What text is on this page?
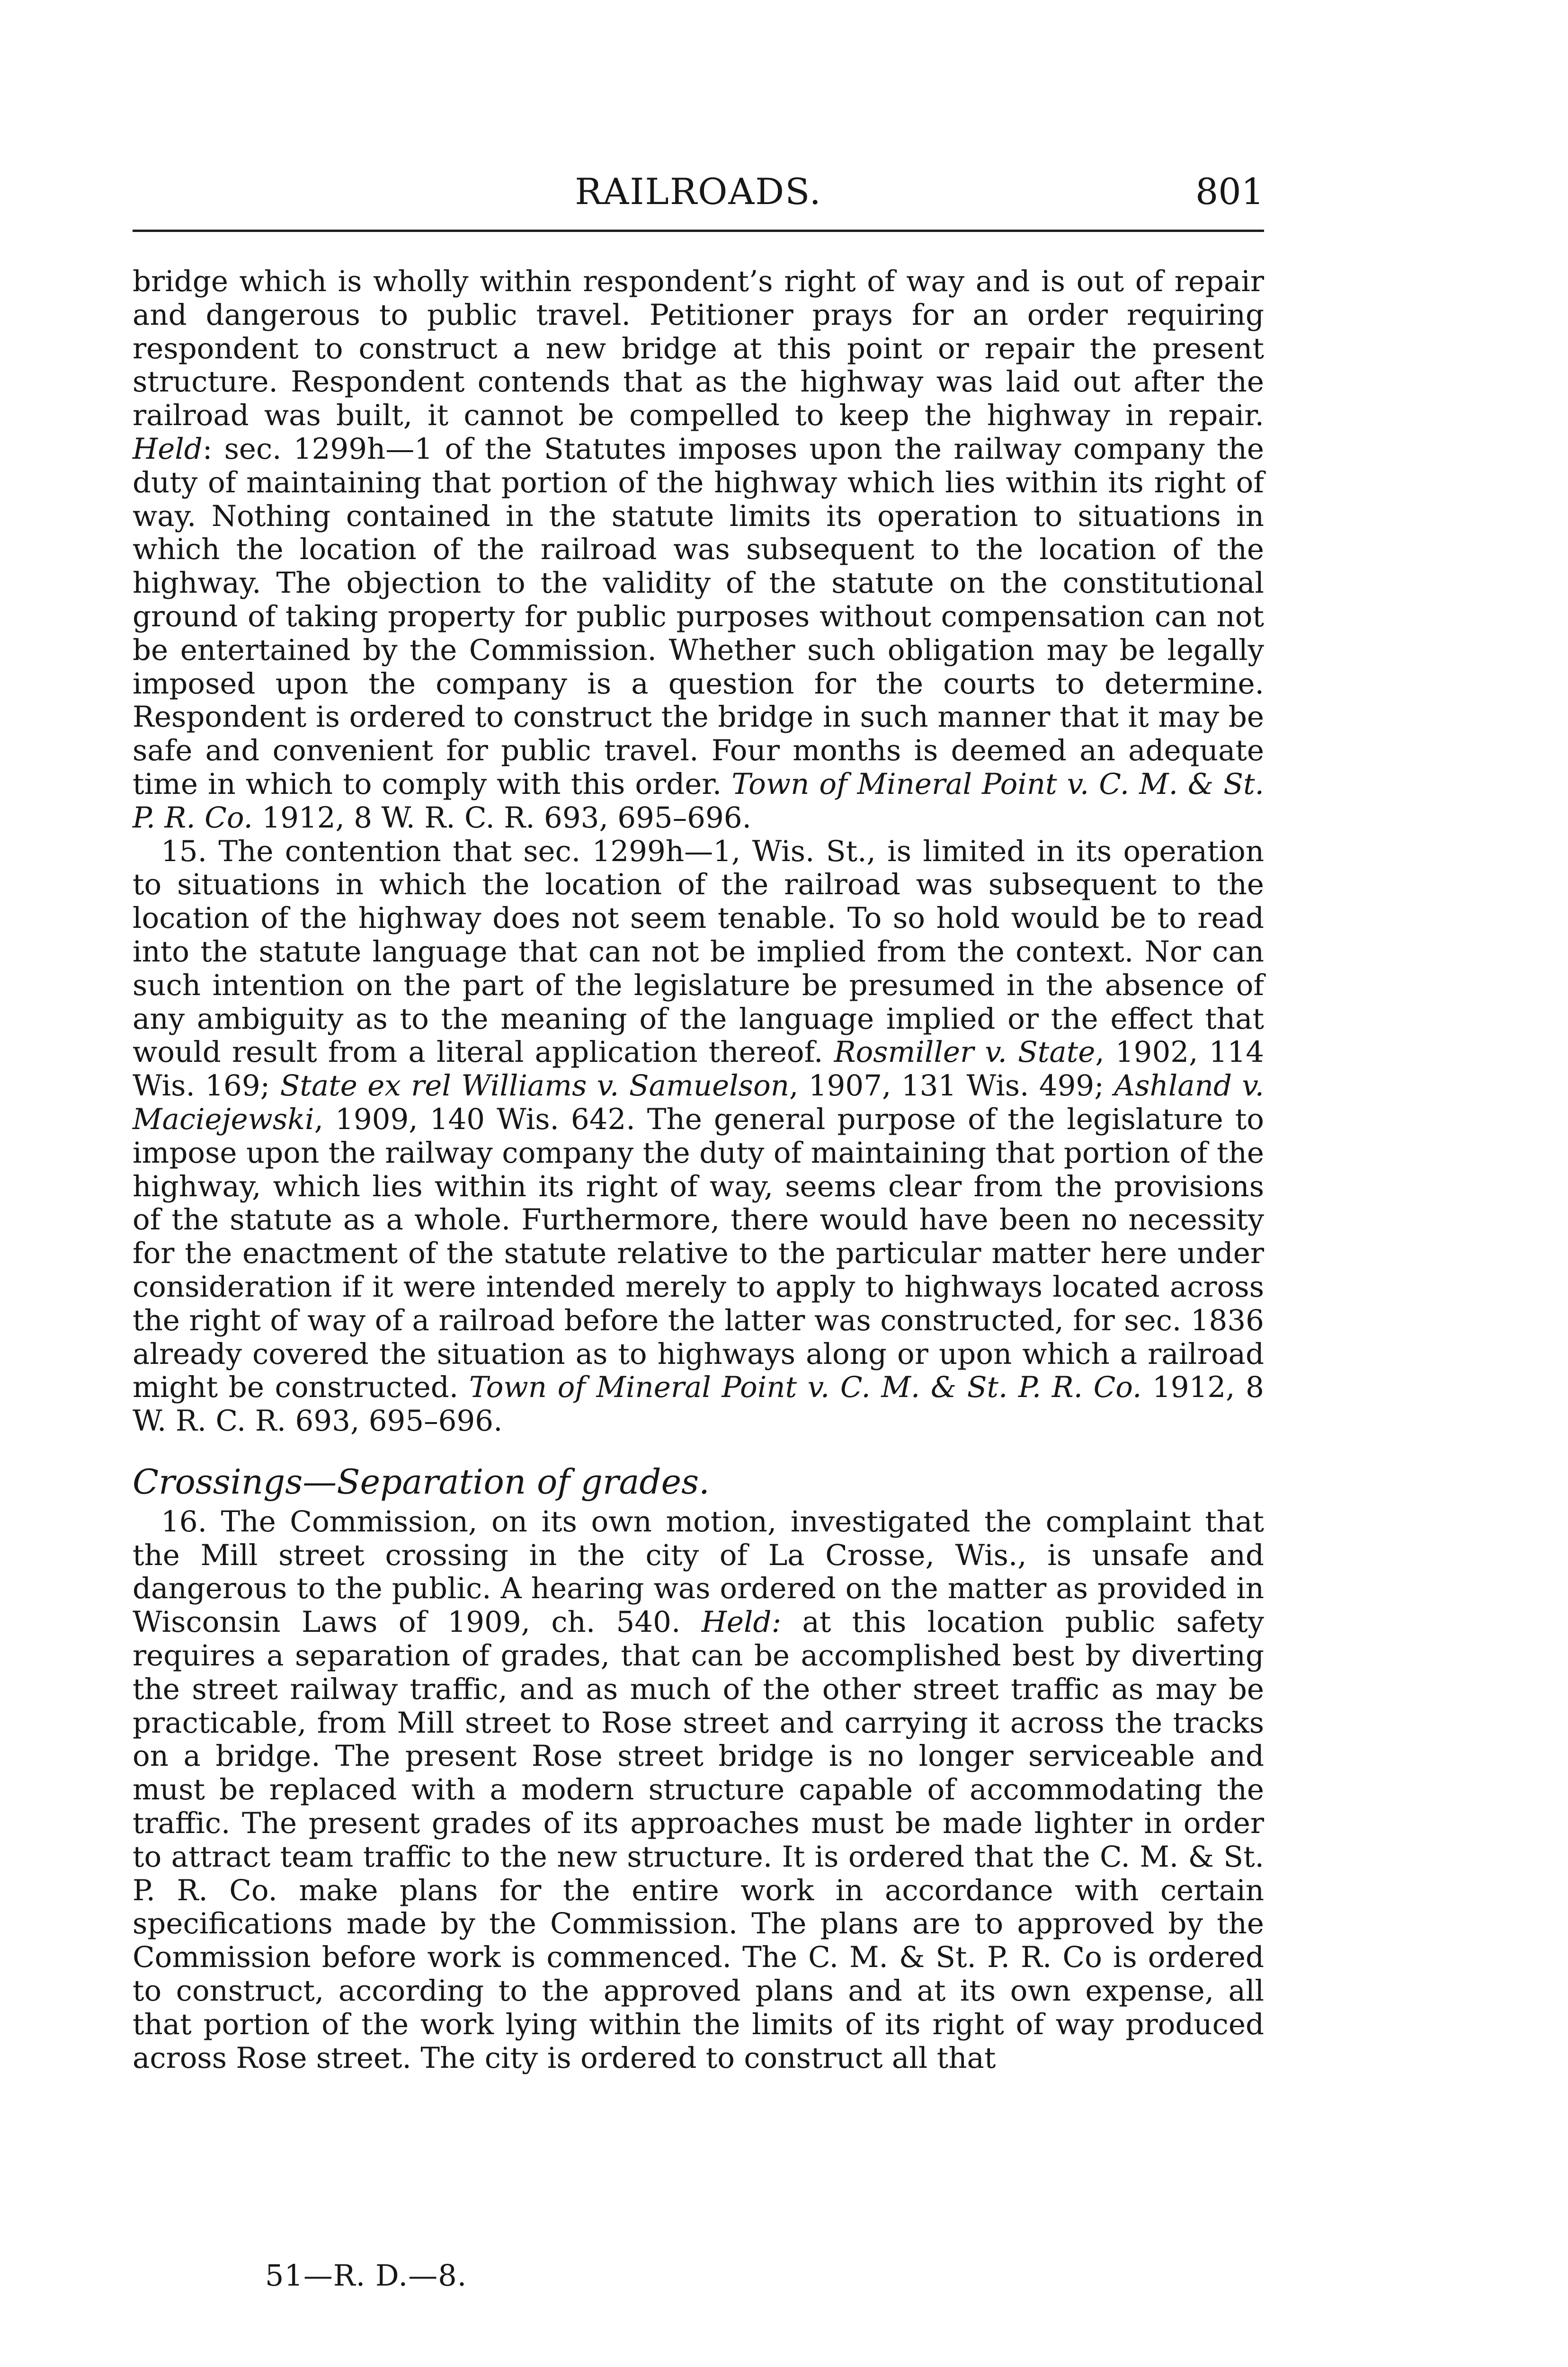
RAILROADS.	801

bridge which is wholly within respondent’s right of way and is out of repair and dangerous to public travel. Petitioner prays for an order requiring respondent to construct a new bridge at this point or repair the present structure. Respondent contends that as the highway was laid out after the railroad was built, it cannot be compelled to keep the highway in repair. Held: sec. 1299h—1 of the Statutes imposes upon the railway company the duty of maintaining that portion of the highway which lies within its right of way. Nothing contained in the statute limits its operation to situations in which the location of the railroad was subsequent to the location of the highway. The objection to the validity of the statute on the constitutional ground of taking property for public purposes without compensation can not be entertained by the Commission. Whether such obligation may be legally imposed upon the company is a question for the courts to determine. Respondent is ordered to construct the bridge in such manner that it may be safe and convenient for public travel. Four months is deemed an adequate time in which to comply with this order. Town of Mineral Point v. C. M. & St. P. R. Co. 1912, 8 W. R. C. R. 693, 695–696.

15. The contention that sec. 1299h—1, Wis. St., is limited in its operation to situations in which the location of the railroad was subsequent to the location of the highway does not seem tenable. To so hold would be to read into the statute language that can not be implied from the context. Nor can such intention on the part of the legislature be presumed in the absence of any ambiguity as to the meaning of the language implied or the effect that would result from a literal application thereof. Rosmiller v. State, 1902, 114 Wis. 169; State ex rel Williams v. Samuelson, 1907, 131 Wis. 499; Ashland v. Maciejewski, 1909, 140 Wis. 642. The general purpose of the legislature to impose upon the railway company the duty of maintaining that portion of the highway, which lies within its right of way, seems clear from the provisions of the statute as a whole. Furthermore, there would have been no necessity for the enactment of the statute relative to the particular matter here under consideration if it were intended merely to apply to highways located across the right of way of a railroad before the latter was constructed, for sec. 1836 already covered the situation as to highways along or upon which a railroad might be constructed. Town of Mineral Point v. C. M. & St. P. R. Co. 1912, 8 W. R. C. R. 693, 695–696.

Crossings—Separation of grades.

16. The Commission, on its own motion, investigated the complaint that the Mill street crossing in the city of La Crosse, Wis., is unsafe and dangerous to the public. A hearing was ordered on the matter as provided in Wisconsin Laws of 1909, ch. 540. Held: at this location public safety requires a separation of grades, that can be accomplished best by diverting the street railway traffic, and as much of the other street traffic as may be practicable, from Mill street to Rose street and carrying it across the tracks on a bridge. The present Rose street bridge is no longer serviceable and must be replaced with a modern structure capable of accommodating the traffic. The present grades of its approaches must be made lighter in order to attract team traffic to the new structure. It is ordered that the C. M. & St. P. R. Co. make plans for the entire work in accordance with certain specifications made by the Commission. The plans are to approved by the Commission before work is commenced. The C. M. & St. P. R. Co is ordered to construct, according to the approved plans and at its own expense, all that portion of the work lying within the limits of its right of way produced across Rose street. The city is ordered to construct all that

51—R. D.—8.
